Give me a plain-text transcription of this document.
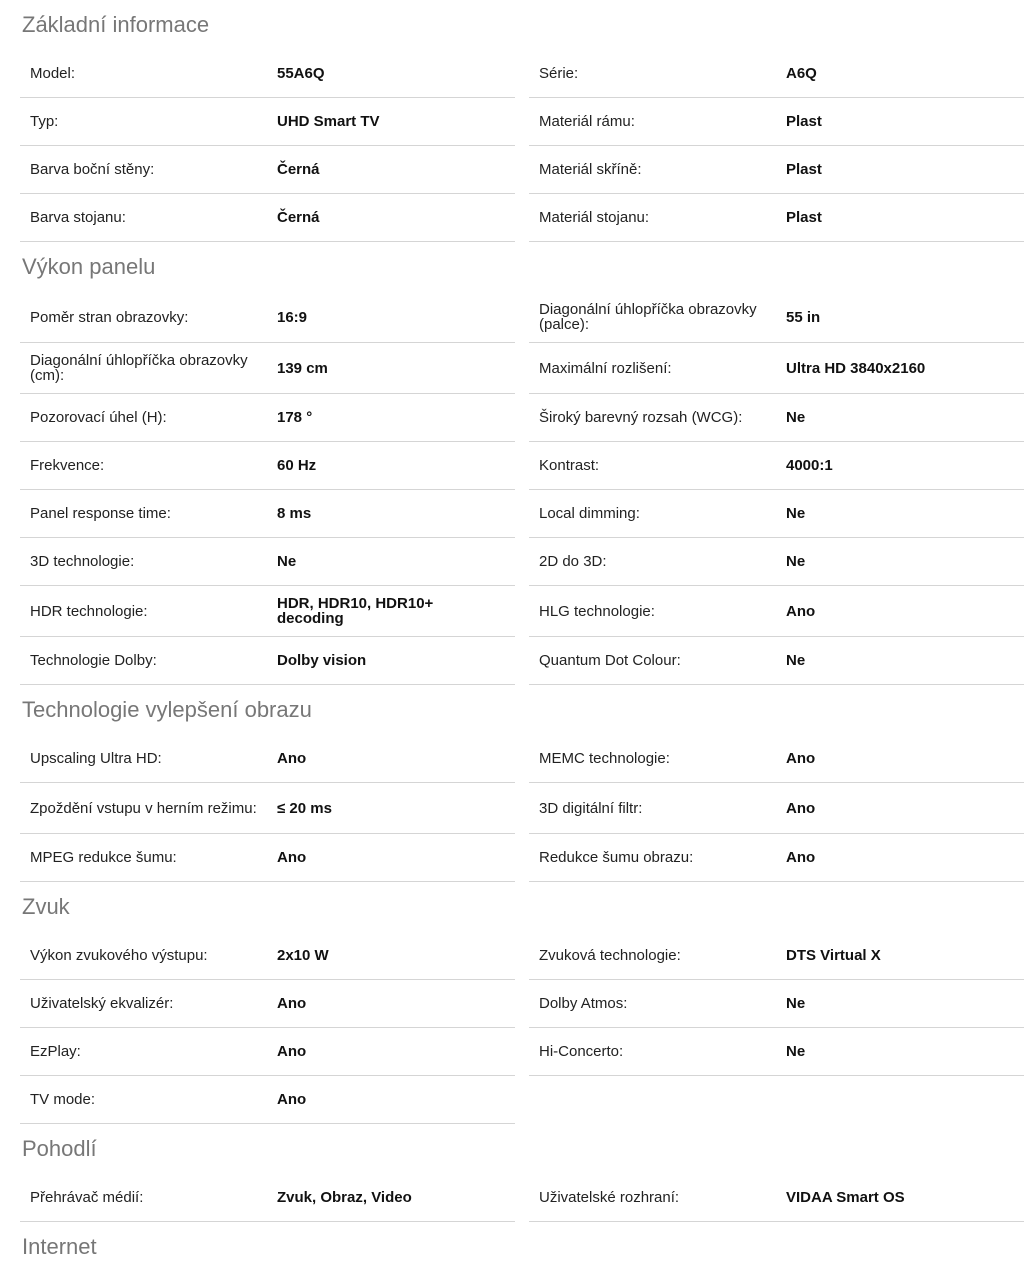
Základní informace
Model:	55A6Q	Série:	A6Q
Typ:	UHD Smart TV	Materiál rámu:	Plast
Barva boční stěny:	Černá	Materiál skříně:	Plast
Barva stojanu:	Černá	Materiál stojanu:	Plast
Výkon panelu
Poměr stran obrazovky:	16:9	Diagonální úhlopříčka obrazovky (palce):	55 in
Diagonální úhlopříčka obrazovky (cm):	139 cm	Maximální rozlišení:	Ultra HD 3840x2160
Pozorovací úhel (H):	178 °	Široký barevný rozsah (WCG):	Ne
Frekvence:	60 Hz	Kontrast:	4000:1
Panel response time:	8 ms	Local dimming:	Ne
3D technologie:	Ne	2D do 3D:	Ne
HDR technologie:	HDR, HDR10, HDR10+ decoding	HLG technologie:	Ano
Technologie Dolby:	Dolby vision	Quantum Dot Colour:	Ne
Technologie vylepšení obrazu
Upscaling Ultra HD:	Ano	MEMC technologie:	Ano
Zpoždění vstupu v herním režimu:	≤ 20 ms	3D digitální filtr:	Ano
MPEG redukce šumu:	Ano	Redukce šumu obrazu:	Ano
Zvuk
Výkon zvukového výstupu:	2x10 W	Zvuková technologie:	DTS Virtual X
Uživatelský ekvalizér:	Ano	Dolby Atmos:	Ne
EzPlay:	Ano	Hi-Concerto:	Ne
TV mode:	Ano
Pohodlí
Přehrávač médií:	Zvuk, Obraz, Video	Uživatelské rozhraní:	VIDAA Smart OS
Internet
